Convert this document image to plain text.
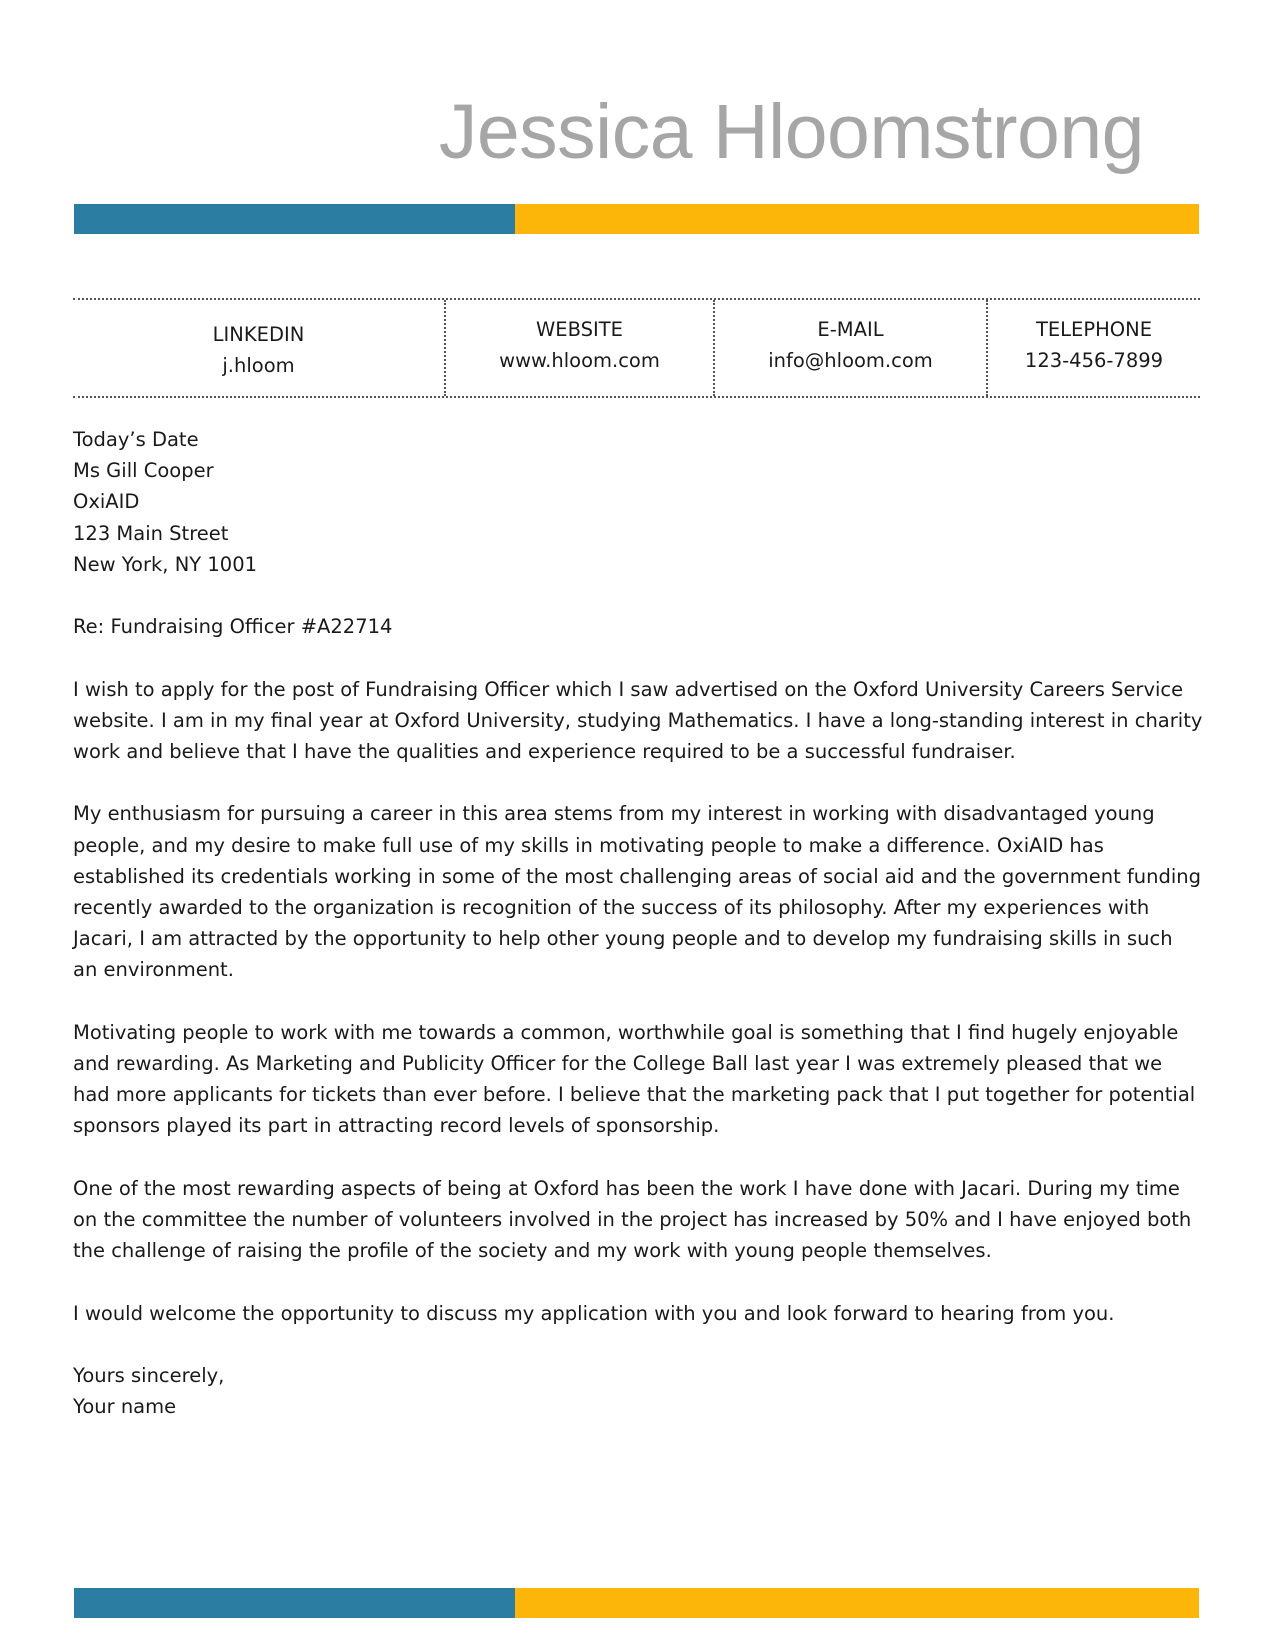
Jessica Hloomstrong
LINKEDIN
j.hloom
WEBSITE
www.hloom.com
E-MAIL
info@hloom.com
TELEPHONE
123-456-7899
Today’s Date
Ms Gill Cooper
OxiAID
123 Main Street
New York, NY 1001

Re: Fundraising Officer #A22714

I wish to apply for the post of Fundraising Officer which I saw advertised on the Oxford University Careers Service website. I am in my final year at Oxford University, studying Mathematics. I have a long-standing interest in charity work and believe that I have the qualities and experience required to be a successful fundraiser.

My enthusiasm for pursuing a career in this area stems from my interest in working with disadvantaged young people, and my desire to make full use of my skills in motivating people to make a difference. OxiAID has established its credentials working in some of the most challenging areas of social aid and the government funding recently awarded to the organization is recognition of the success of its philosophy. After my experiences with Jacari, I am attracted by the opportunity to help other young people and to develop my fundraising skills in such an environment.

Motivating people to work with me towards a common, worthwhile goal is something that I find hugely enjoyable and rewarding. As Marketing and Publicity Officer for the College Ball last year I was extremely pleased that we had more applicants for tickets than ever before. I believe that the marketing pack that I put together for potential sponsors played its part in attracting record levels of sponsorship.

One of the most rewarding aspects of being at Oxford has been the work I have done with Jacari. During my time on the committee the number of volunteers involved in the project has increased by 50% and I have enjoyed both the challenge of raising the profile of the society and my work with young people themselves.

I would welcome the opportunity to discuss my application with you and look forward to hearing from you.

Yours sincerely,
Your name
